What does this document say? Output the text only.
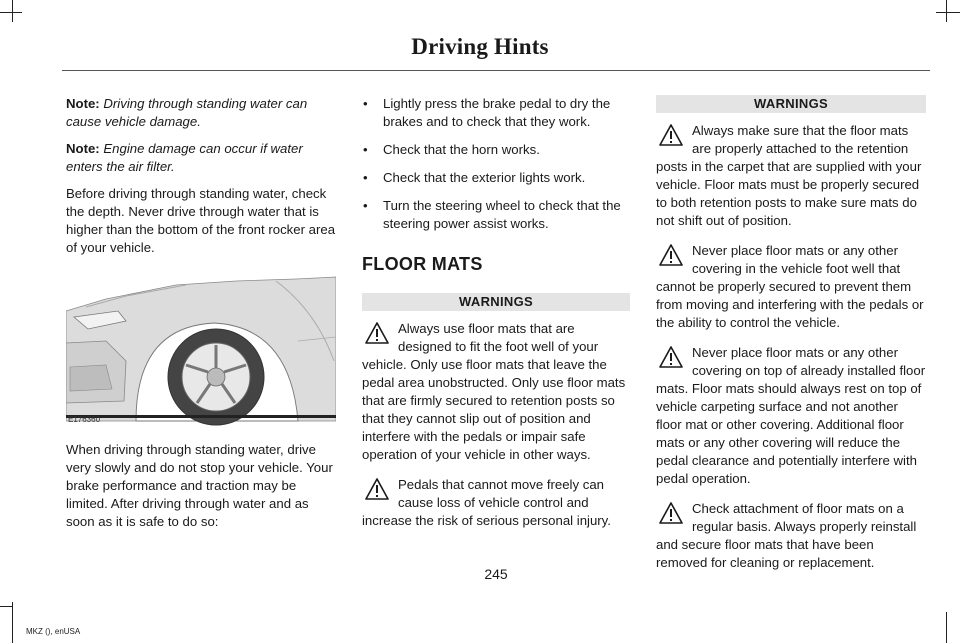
Driving Hints

Note: Driving through standing water can cause vehicle damage.

Note: Engine damage can occur if water enters the air filter.

Before driving through standing water, check the depth. Never drive through water that is higher than the bottom of the front rocker area of your vehicle.

E176360

When driving through standing water, drive very slowly and do not stop your vehicle. Your brake performance and traction may be limited. After driving through water and as soon as it is safe to do so:

• Lightly press the brake pedal to dry the brakes and to check that they work.
• Check that the horn works.
• Check that the exterior lights work.
• Turn the steering wheel to check that the steering power assist works.
FLOOR MATS
WARNINGS
Always use floor mats that are designed to fit the foot well of your vehicle. Only use floor mats that leave the pedal area unobstructed. Only use floor mats that are firmly secured to retention posts so that they cannot slip out of position and interfere with the pedals or impair safe operation of your vehicle in other ways.
Pedals that cannot move freely can cause loss of vehicle control and increase the risk of serious personal injury.
WARNINGS
Always make sure that the floor mats are properly attached to the retention posts in the carpet that are supplied with your vehicle. Floor mats must be properly secured to both retention posts to make sure mats do not shift out of position.
Never place floor mats or any other covering in the vehicle foot well that cannot be properly secured to prevent them from moving and interfering with the pedals or the ability to control the vehicle.
Never place floor mats or any other covering on top of already installed floor mats. Floor mats should always rest on top of vehicle carpeting surface and not another floor mat or other covering. Additional floor mats or any other covering will reduce the pedal clearance and potentially interfere with pedal operation.
Check attachment of floor mats on a regular basis. Always properly reinstall and secure floor mats that have been removed for cleaning or replacement.
245
MKZ (), enUSA
